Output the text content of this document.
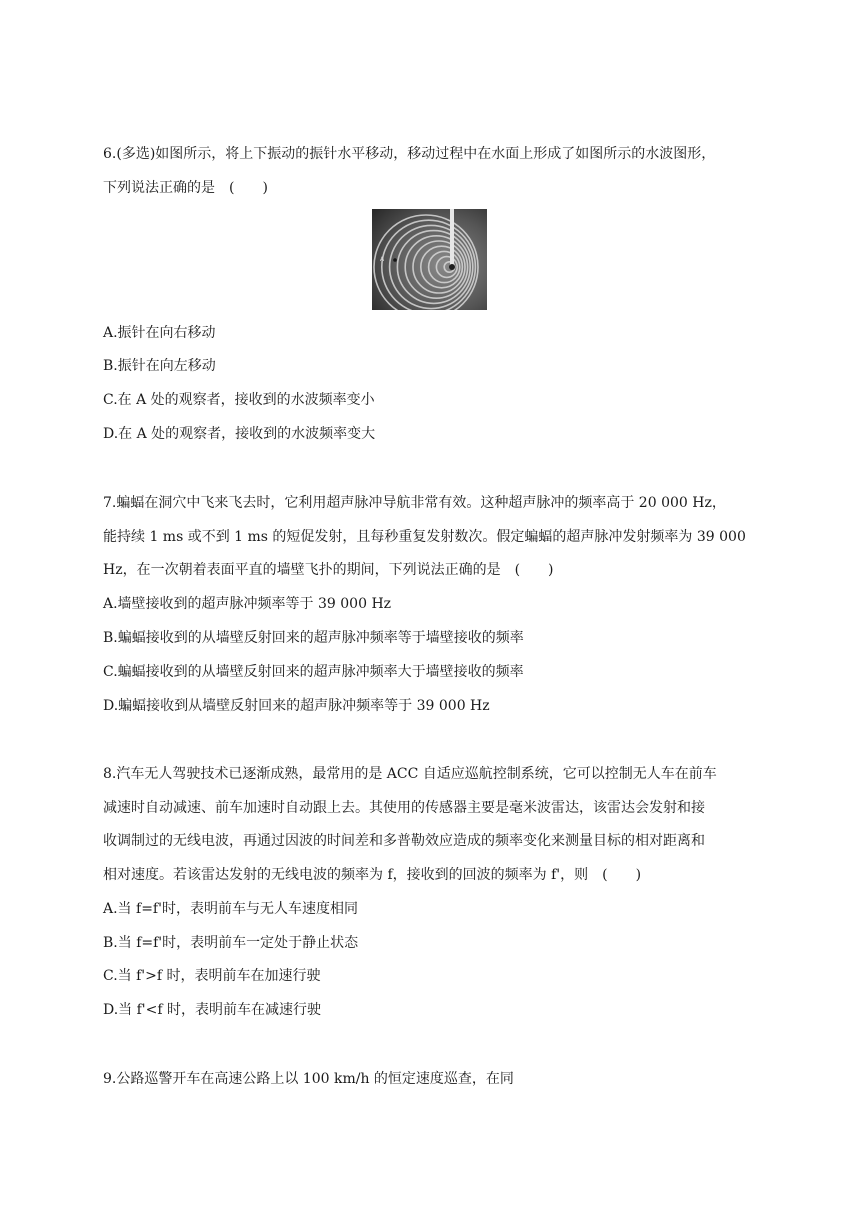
6.(多选)如图所示，将上下振动的振针水平移动，移动过程中在水面上形成了如图所示的水波图形，
下列说法正确的是　(　　)
A
A.振针在向右移动
B.振针在向左移动
C.在 A 处的观察者，接收到的水波频率变小
D.在 A 处的观察者，接收到的水波频率变大
7.蝙蝠在洞穴中飞来飞去时，它利用超声脉冲导航非常有效。这种超声脉冲的频率高于 20 000 Hz，
能持续 1 ms 或不到 1 ms 的短促发射，且每秒重复发射数次。假定蝙蝠的超声脉冲发射频率为 39 000
Hz，在一次朝着表面平直的墙壁飞扑的期间，下列说法正确的是　(　　)
A.墙壁接收到的超声脉冲频率等于 39 000 Hz
B.蝙蝠接收到的从墙壁反射回来的超声脉冲频率等于墙壁接收的频率
C.蝙蝠接收到的从墙壁反射回来的超声脉冲频率大于墙壁接收的频率
D.蝙蝠接收到从墙壁反射回来的超声脉冲频率等于 39 000 Hz
8.汽车无人驾驶技术已逐渐成熟，最常用的是 ACC 自适应巡航控制系统，它可以控制无人车在前车
减速时自动减速、前车加速时自动跟上去。其使用的传感器主要是毫米波雷达，该雷达会发射和接
收调制过的无线电波，再通过因波的时间差和多普勒效应造成的频率变化来测量目标的相对距离和
相对速度。若该雷达发射的无线电波的频率为 f，接收到的回波的频率为 f'，则　(　　)
A.当 f=f'时，表明前车与无人车速度相同
B.当 f=f'时，表明前车一定处于静止状态
C.当 f'>f 时，表明前车在加速行驶
D.当 f'<f 时，表明前车在减速行驶
9.公路巡警开车在高速公路上以 100 km/h 的恒定速度巡查，在同
